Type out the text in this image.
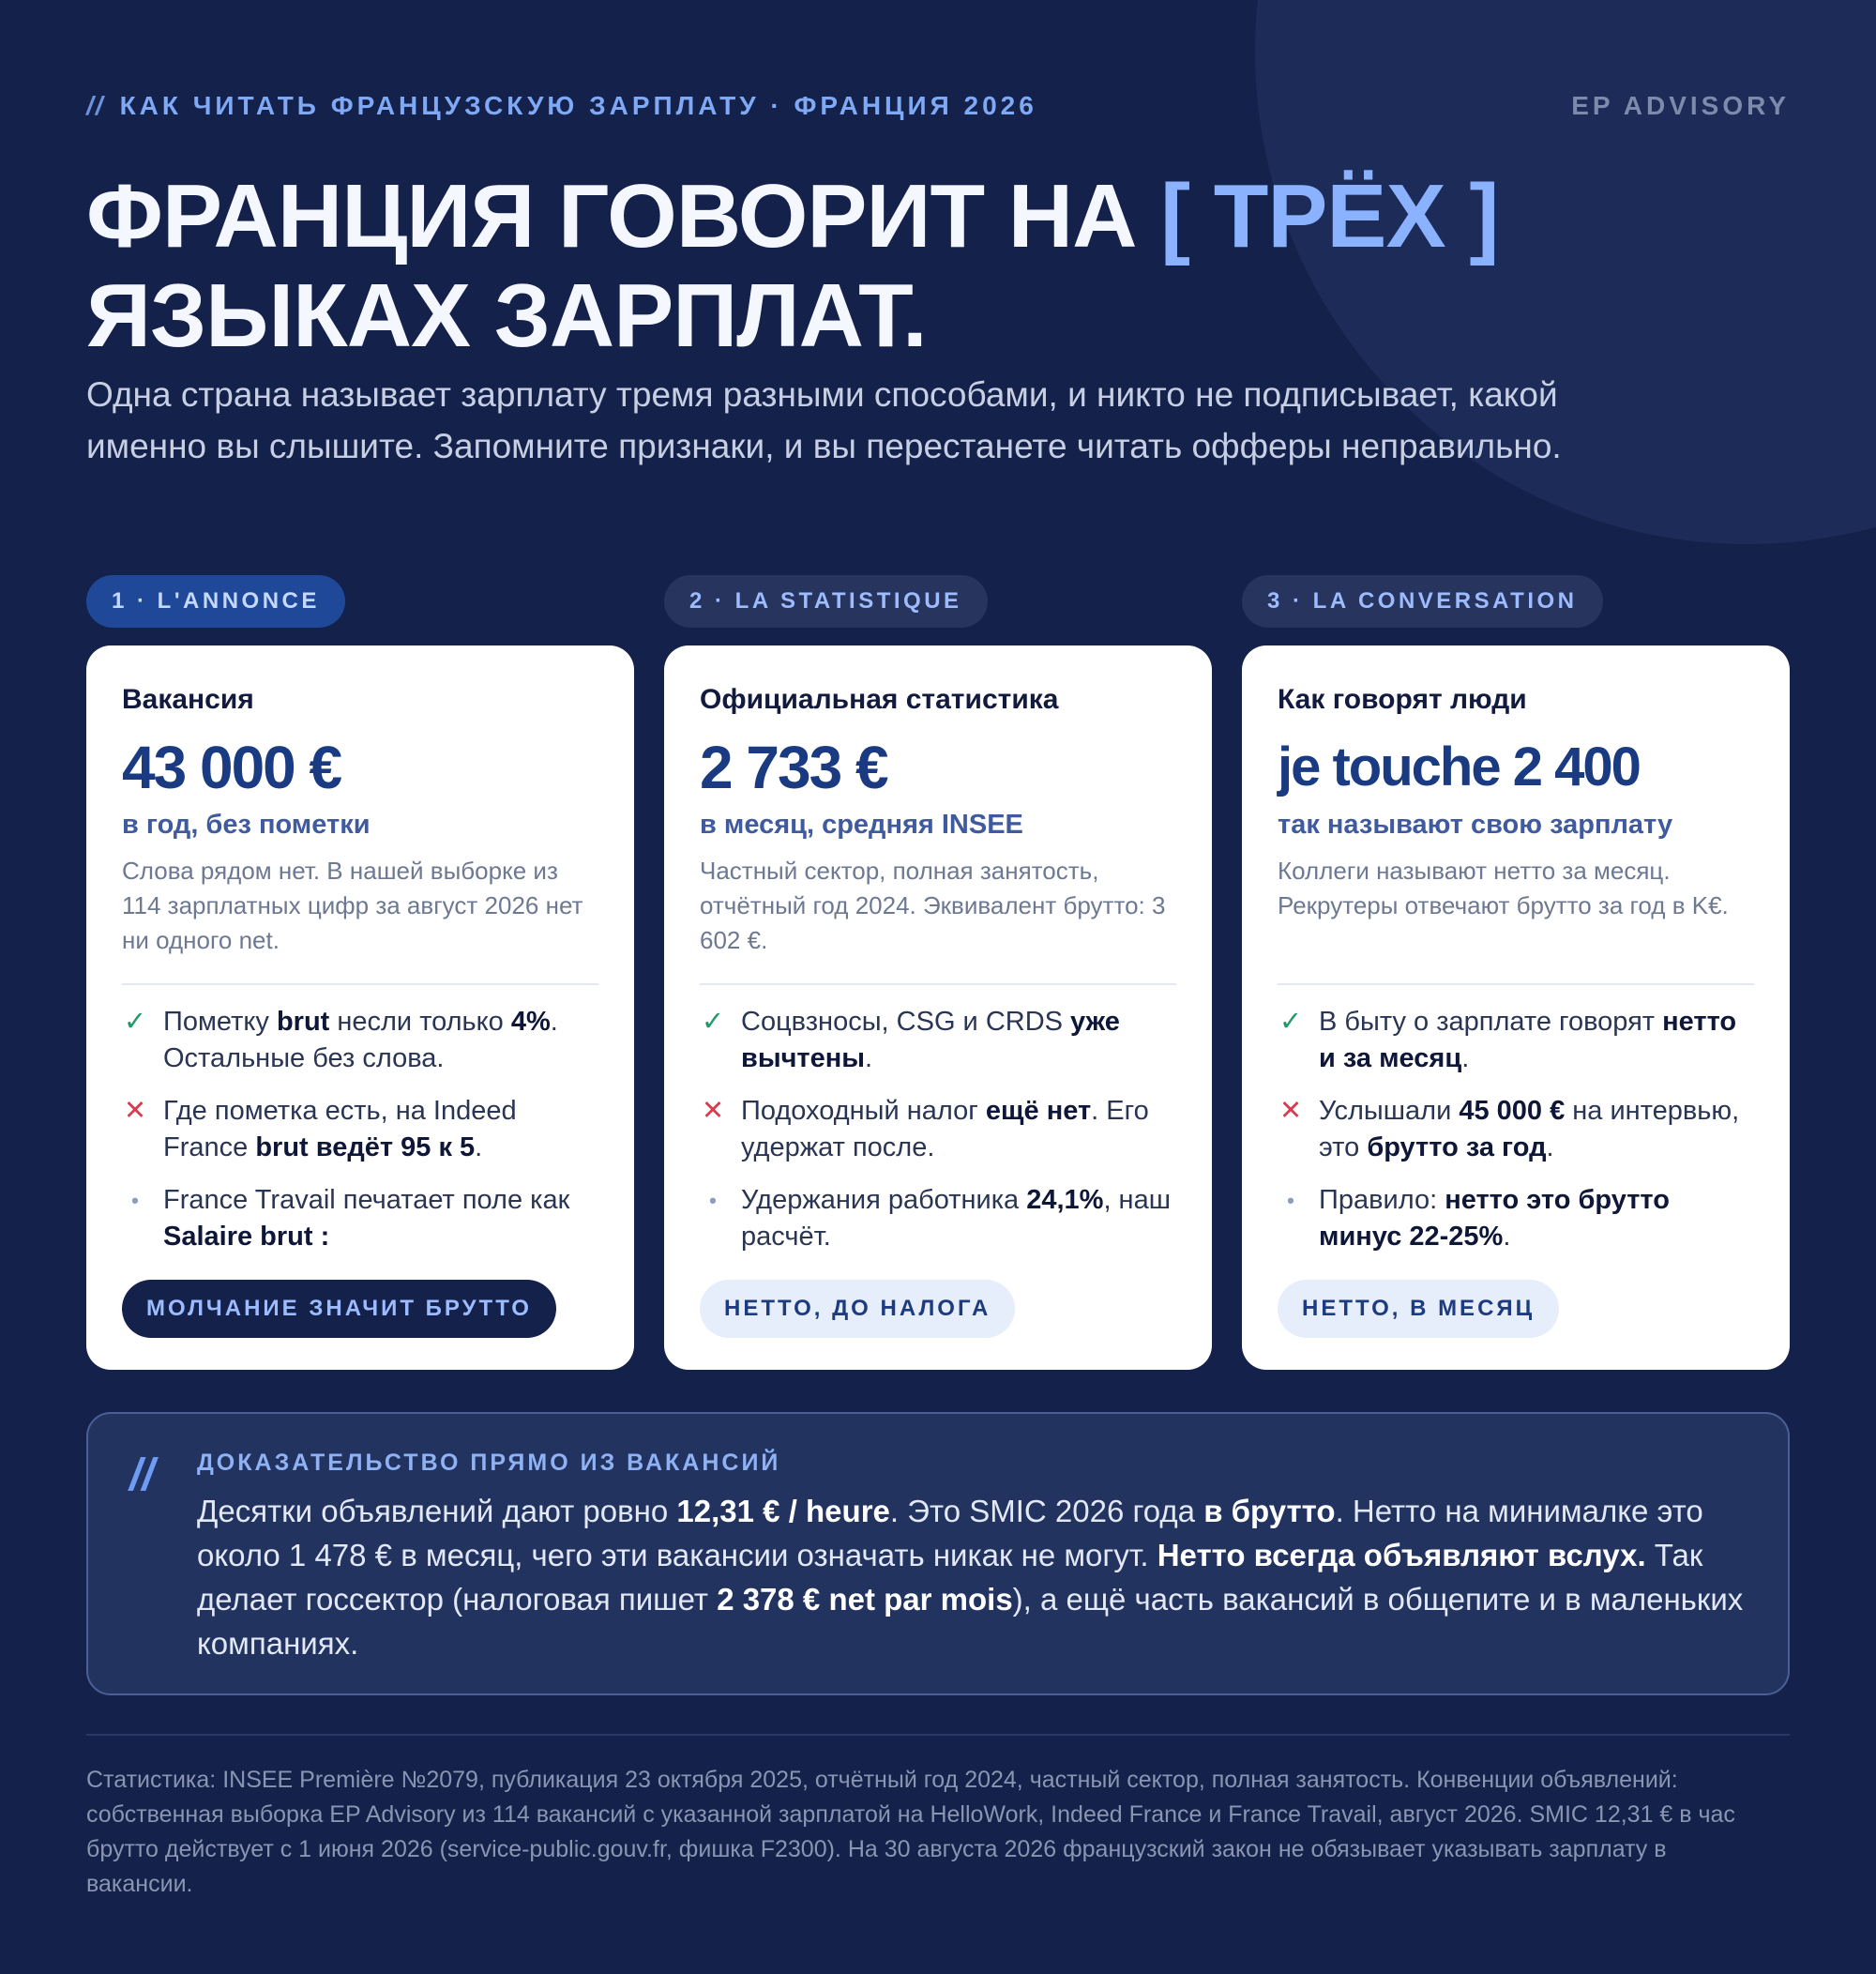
// КАК ЧИТАТЬ ФРАНЦУЗСКУЮ ЗАРПЛАТУ · ФРАНЦИЯ 2026	EP ADVISORY
ФРАНЦИЯ ГОВОРИТ НА [ ТРЁХ ]
ЯЗЫКАХ ЗАРПЛАТ.
Одна страна называет зарплату тремя разными способами, и никто не подписывает, какой именно вы слышите. Запомните признаки, и вы перестанете читать офферы неправильно.
1 · L'ANNONCE	2 · LA STATISTIQUE	3 · LA CONVERSATION
Вакансия
43 000 €
в год, без пометки
Слова рядом нет. В нашей выборке из 114 зарплатных цифр за август 2026 нет ни одного net.
✓ Пометку brut несли только 4%. Остальные без слова.
✕ Где пометка есть, на Indeed France brut ведёт 95 к 5.
• France Travail печатает поле как Salaire brut :
МОЛЧАНИЕ ЗНАЧИТ БРУТТО
Официальная статистика
2 733 €
в месяц, средняя INSEE
Частный сектор, полная занятость, отчётный год 2024. Эквивалент брутто: 3 602 €.
✓ Соцвзносы, CSG и CRDS уже вычтены.
✕ Подоходный налог ещё нет. Его удержат после.
• Удержания работника 24,1%, наш расчёт.
НЕТТО, ДО НАЛОГА
Как говорят люди
je touche 2 400
так называют свою зарплату
Коллеги называют нетто за месяц. Рекрутеры отвечают брутто за год в K€.
✓ В быту о зарплате говорят нетто и за месяц.
✕ Услышали 45 000 € на интервью, это брутто за год.
• Правило: нетто это брутто минус 22-25%.
НЕТТО, В МЕСЯЦ
// ДОКАЗАТЕЛЬСТВО ПРЯМО ИЗ ВАКАНСИЙ
Десятки объявлений дают ровно 12,31 € / heure. Это SMIC 2026 года в брутто. Нетто на минималке это около 1 478 € в месяц, чего эти вакансии означать никак не могут. Нетто всегда объявляют вслух. Так делает госсектор (налоговая пишет 2 378 € net par mois), а ещё часть вакансий в общепите и в маленьких компаниях.
Статистика: INSEE Première №2079, публикация 23 октября 2025, отчётный год 2024, частный сектор, полная занятость. Конвенции объявлений: собственная выборка EP Advisory из 114 вакансий с указанной зарплатой на HelloWork, Indeed France и France Travail, август 2026. SMIC 12,31 € в час брутто действует с 1 июня 2026 (service-public.gouv.fr, фишка F2300). На 30 августа 2026 французский закон не обязывает указывать зарплату в вакансии.
